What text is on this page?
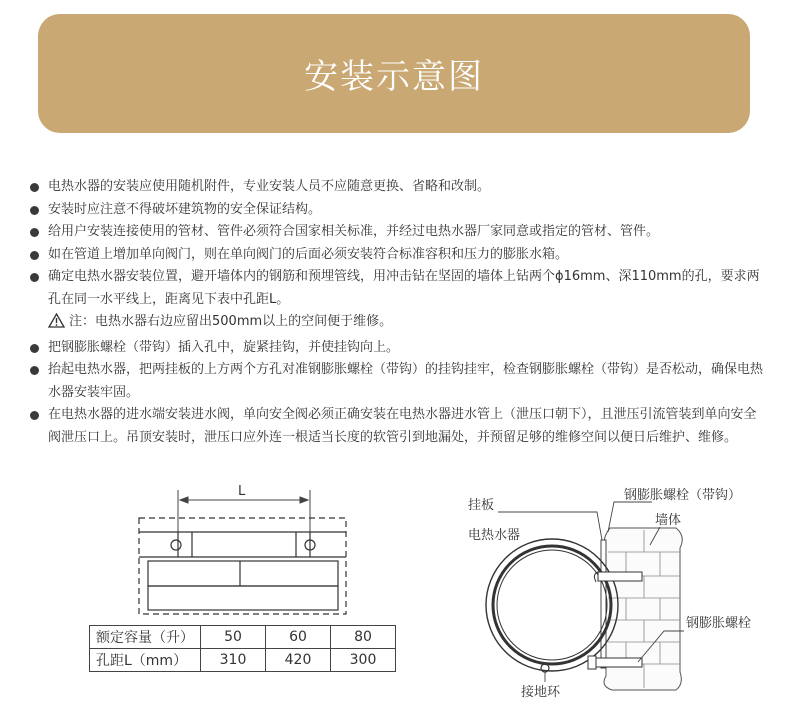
安装示意图
电热水器的安装应使用随机附件，专业安装人员不应随意更换、省略和改制。
安装时应注意不得破坏建筑物的安全保证结构。
给用户安装连接使用的管材、管件必须符合国家相关标准，并经过电热水器厂家同意或指定的管材、管件。
如在管道上增加单向阀门，则在单向阀门的后面必须安装符合标准容积和压力的膨胀水箱。
确定电热水器安装位置，避开墙体内的钢筋和预埋管线，用冲击钻在坚固的墙体上钻两个ϕ16mm、深110mm的孔，要求两孔在同一水平线上，距离见下表中孔距L。
注：电热水器右边应留出500mm以上的空间便于维修。
把钢膨胀螺栓（带钩）插入孔中，旋紧挂钩，并使挂钩向上。
抬起电热水器，把两挂板的上方两个方孔对准钢膨胀螺栓（带钩）的挂钩挂牢，检查钢膨胀螺栓（带钩）是否松动，确保电热水器安装牢固。
在电热水器的进水端安装进水阀，单向安全阀必须正确安装在电热水器进水管上（泄压口朝下），且泄压引流管装到单向安全阀泄压口上。吊顶安装时，泄压口应外连一根适当长度的软管引到地漏处，并预留足够的维修空间以便日后维护、维修。
L
额定容量（升）	50	60	80
孔距L（mm）	310	420	300
挂板
电热水器
钢膨胀螺栓（带钩）
墙体
钢膨胀螺栓
接地环
